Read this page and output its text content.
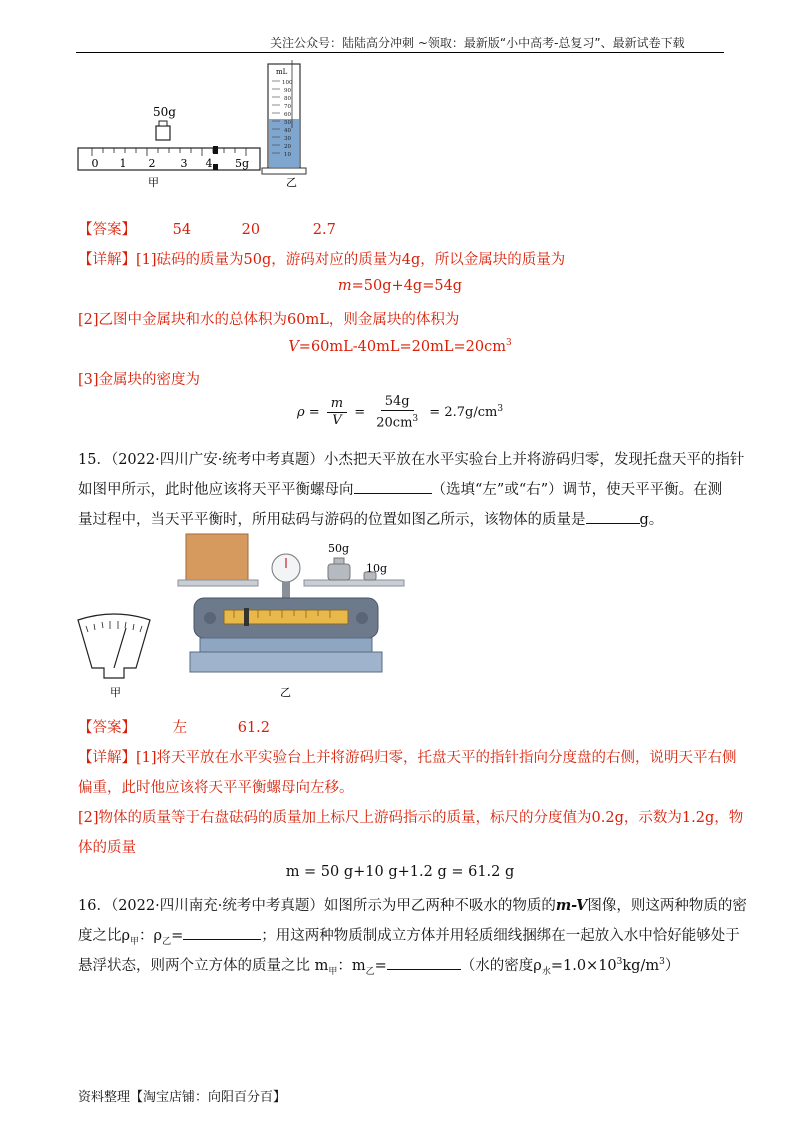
关注公众号：陆陆高分冲刺 ~领取：最新版“小中高考-总复习”、最新试卷下载
50g
0 1 2 3 4 5g
甲
mL
100
90
80
70
60
50
40
30
20
10
乙
【答案】	54	20	2.7
【详解】[1]砝码的质量为50g，游码对应的质量为4g，所以金属块的质量为
m=50g+4g=54g
[2]乙图中金属块和水的总体积为60mL，则金属块的体积为
$V=60mL-40mL=20mL=20cm^3$
[3]金属块的密度为
$\rho = \frac{m}{V} = \frac{54g}{20cm^3} = 2.7g/cm^3$
15．（2022·四川广安·统考中考真题）小杰把天平放在水平实验台上并将游码归零，发现托盘天平的指针
如图甲所示，此时他应该将天平平衡螺母向	（选填“左”或“右”）调节，使天平平衡。在测
量过程中，当天平平衡时，所用砝码与游码的位置如图乙所示，该物体的质量是	g。
甲
50g
10g
乙
【答案】	左	61.2
【详解】[1]将天平放在水平实验台上并将游码归零，托盘天平的指针指向分度盘的右侧，说明天平右侧
偏重，此时他应该将天平平衡螺母向左移。
[2]物体的质量等于右盘砝码的质量加上标尺上游码指示的质量，标尺的分度值为0.2g，示数为1.2g，物
体的质量
m = 50 g+10 g+1.2 g = 61.2 g
16．（2022·四川南充·统考中考真题）如图所示为甲乙两种不吸水的物质的m-V图像，则这两种物质的密
度之比$\rho_甲$：$\rho_乙=$	；用这两种物质制成立方体并用轻质细线捆绑在一起放入水中恰好能够处于
悬浮状态，则两个立方体的质量之比 $m_甲$：$m_乙=$	（水的密度$\rho_水=1.0\times 10^3kg/m^3$）
资料整理【淘宝店铺：向阳百分百】
